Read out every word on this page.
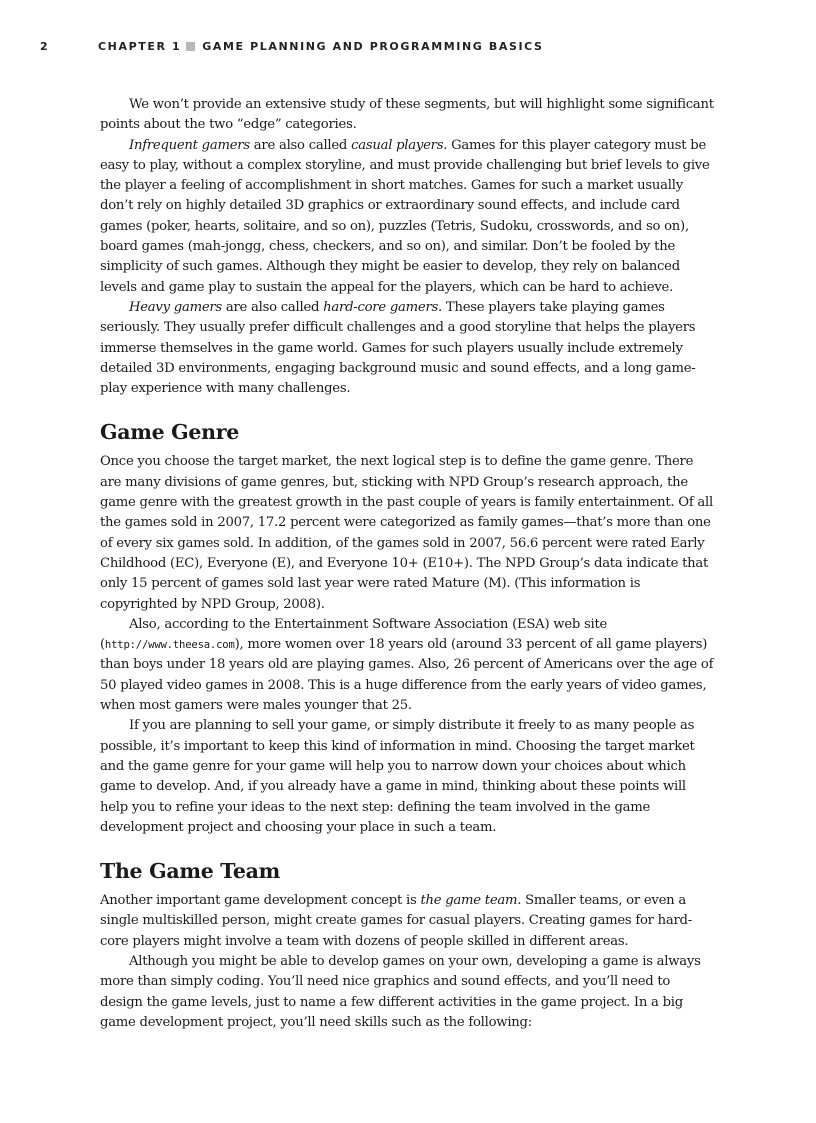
2	CHAPTER 1 GAME PLANNING AND PROGRAMMING BASICS

We won’t provide an extensive study of these segments, but will highlight some significant points about the two “edge” categories.

Infrequent gamers are also called casual players. Games for this player category must be easy to play, without a complex storyline, and must provide challenging but brief levels to give the player a feeling of accomplishment in short matches. Games for such a market usually don’t rely on highly detailed 3D graphics or extraordinary sound effects, and include card games (poker, hearts, solitaire, and so on), puzzles (Tetris, Sudoku, crosswords, and so on), board games (mah-jongg, chess, checkers, and so on), and similar. Don’t be fooled by the simplicity of such games. Although they might be easier to develop, they rely on balanced levels and game play to sustain the appeal for the players, which can be hard to achieve.

Heavy gamers are also called hard-core gamers. These players take playing games seriously. They usually prefer difficult challenges and a good storyline that helps the players immerse themselves in the game world. Games for such players usually include extremely detailed 3D environments, engaging background music and sound effects, and a long game-play experience with many challenges.

Game Genre

Once you choose the target market, the next logical step is to define the game genre. There are many divisions of game genres, but, sticking with NPD Group’s research approach, the game genre with the greatest growth in the past couple of years is family entertainment. Of all the games sold in 2007, 17.2 percent were categorized as family games—that’s more than one of every six games sold. In addition, of the games sold in 2007, 56.6 percent were rated Early Childhood (EC), Everyone (E), and Everyone 10+ (E10+). The NPD Group’s data indicate that only 15 percent of games sold last year were rated Mature (M). (This information is copyrighted by NPD Group, 2008).

Also, according to the Entertainment Software Association (ESA) web site (http://www.theesa.com), more women over 18 years old (around 33 percent of all game players) than boys under 18 years old are playing games. Also, 26 percent of Americans over the age of 50 played video games in 2008. This is a huge difference from the early years of video games, when most gamers were males younger that 25.

If you are planning to sell your game, or simply distribute it freely to as many people as possible, it’s important to keep this kind of information in mind. Choosing the target market and the game genre for your game will help you to narrow down your choices about which game to develop. And, if you already have a game in mind, thinking about these points will help you to refine your ideas to the next step: defining the team involved in the game development project and choosing your place in such a team.

The Game Team

Another important game development concept is the game team. Smaller teams, or even a single multiskilled person, might create games for casual players. Creating games for hard-core players might involve a team with dozens of people skilled in different areas.

Although you might be able to develop games on your own, developing a game is always more than simply coding. You’ll need nice graphics and sound effects, and you’ll need to design the game levels, just to name a few different activities in the game project. In a big game development project, you’ll need skills such as the following:
